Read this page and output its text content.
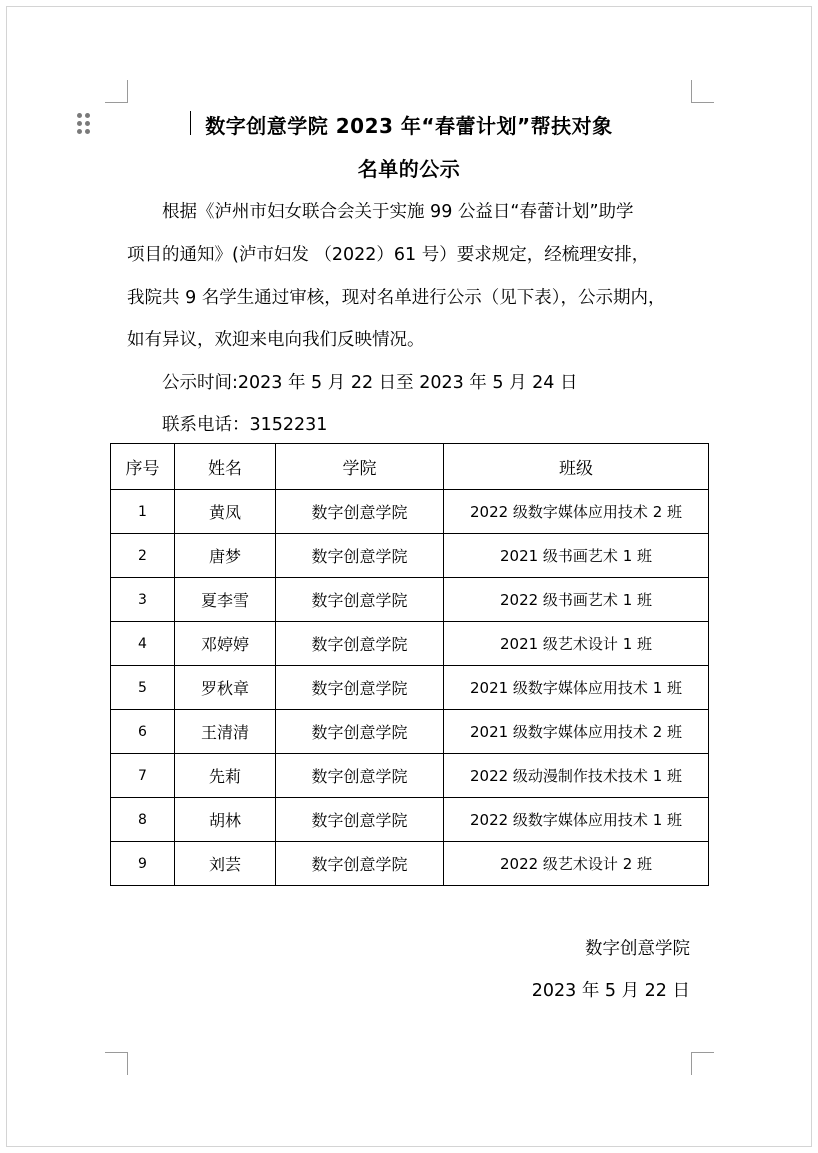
数字创意学院 2023 年“春蕾计划”帮扶对象
名单的公示
　　根据《泸州市妇女联合会关于实施 99 公益日“春蕾计划”助学
项目的通知》(泸市妇发 （2022）61 号）要求规定，经梳理安排，
我院共 9 名学生通过审核，现对名单进行公示（见下表），公示期内，
如有异议，欢迎来电向我们反映情况。
　　公示时间:2023 年 5 月 22 日至 2023 年 5 月 24 日
　　联系电话：3152231
序号	姓名	学院	班级
1	黄凤	数字创意学院	2022 级数字媒体应用技术 2 班
2	唐梦	数字创意学院	2021 级书画艺术 1 班
3	夏李雪	数字创意学院	2022 级书画艺术 1 班
4	邓婷婷	数字创意学院	2021 级艺术设计 1 班
5	罗秋章	数字创意学院	2021 级数字媒体应用技术 1 班
6	王清清	数字创意学院	2021 级数字媒体应用技术 2 班
7	先莉	数字创意学院	2022 级动漫制作技术技术 1 班
8	胡林	数字创意学院	2022 级数字媒体应用技术 1 班
9	刘芸	数字创意学院	2022 级艺术设计 2 班
数字创意学院
2023 年 5 月 22 日
